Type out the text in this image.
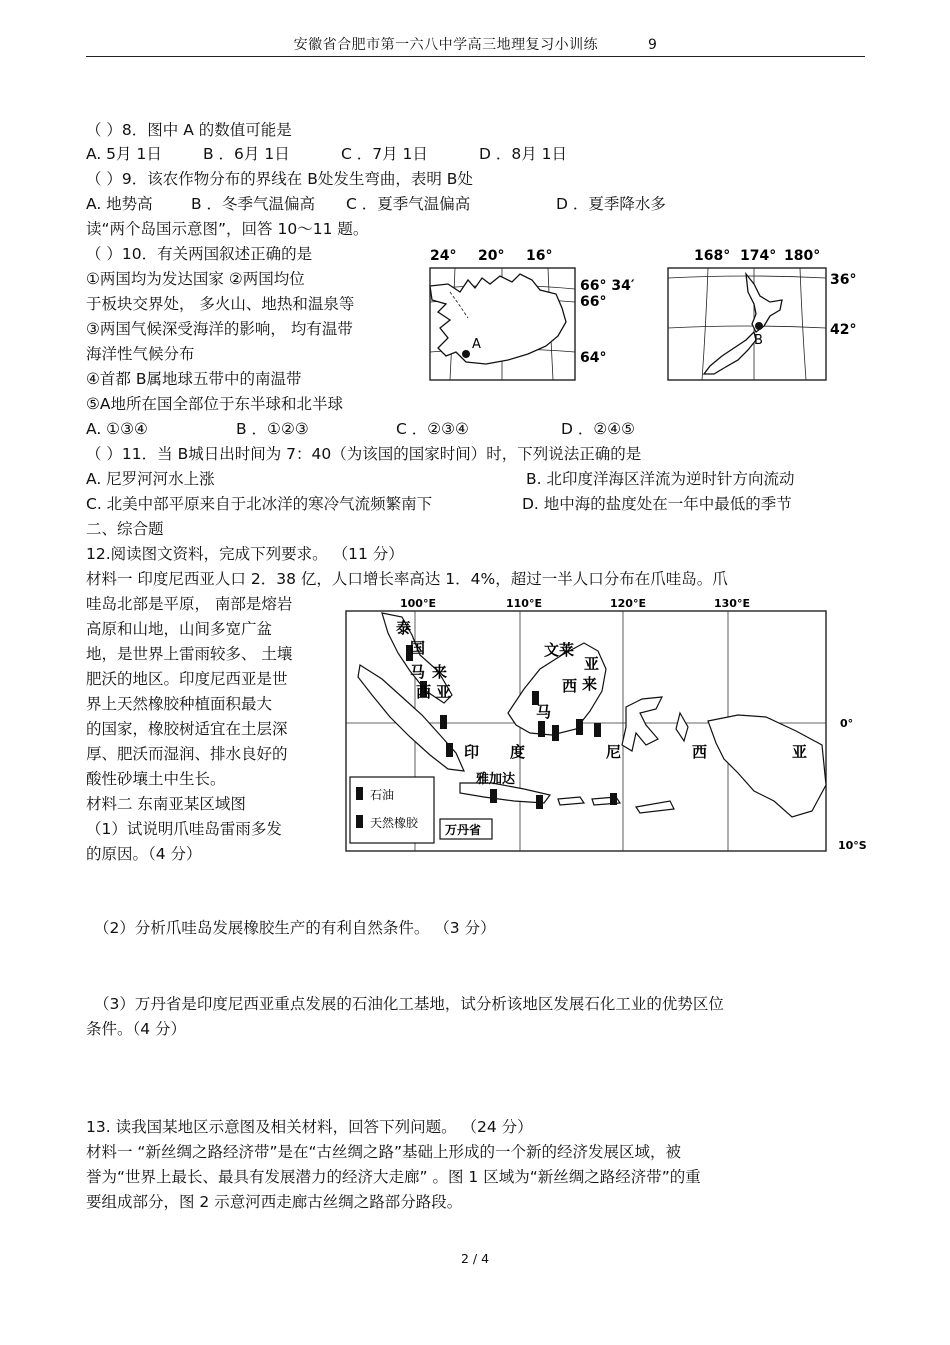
安徽省合肥市第一六八中学高三地理复习小训练	9
（ ）8．图中 A 的数值可能是
A. 5月 1日	B ．6月 1日	C ．7月 1日	D ．8月 1日
（ ）9．该农作物分布的界线在 B处发生弯曲，表明 B处
A. 地势高 B ．冬季气温偏高 C ．夏季气温偏高	D ．夏季降水多
读“两个岛国示意图”，回答 10～11 题。
（ ）10．有关两国叙述正确的是
①两国均为发达国家 ②两国均位
于板块交界处， 多火山、地热和温泉等
③两国气候深受海洋的影响， 均有温带
海洋性气候分布
④首都 B属地球五带中的南温带
⑤A地所在国全部位于东半球和北半球
A. ①③④	B ．①②③	C ．②③④	D ．②④⑤
A
24° 20° 16°
66° 34′
66°
64°
B
168° 174° 180°
36°
42°
（ ）11．当 B城日出时间为 7：40（为该国的国家时间）时，下列说法正确的是
A. 尼罗河河水上涨	B. 北印度洋海区洋流为逆时针方向流动
C. 北美中部平原来自于北冰洋的寒冷气流频繁南下	D. 地中海的盐度处在一年中最低的季节
二、综合题
12.阅读图文资料，完成下列要求。 （11 分）
材料一 印度尼西亚人口 2．38 亿，人口增长率高达 1．4%，超过一半人口分布在爪哇岛。爪
哇岛北部是平原， 南部是熔岩
高原和山地，山间多宽广盆
地，是世界上雷雨较多、 土壤
肥沃的地区。印度尼西亚是世
界上天然橡胶种植面积最大
的国家，橡胶树适宜在土层深
厚、肥沃而湿润、排水良好的
酸性砂壤土中生长。
材料二 东南亚某区域图
（1）试说明爪哇岛雷雨多发
的原因。（4 分）
石油
天然橡胶 万丹省
泰
国
马 来
西 亚
文莱
亚
西 来
马
印 度	尼	西	亚
雅加达
100°E	110°E	120°E	130°E
0°
10°S
（2）分析爪哇岛发展橡胶生产的有利自然条件。 （3 分）
（3）万丹省是印度尼西亚重点发展的石油化工基地，试分析该地区发展石化工业的优势区位
条件。（4 分）
13. 读我国某地区示意图及相关材料，回答下列问题。 （24 分）
材料一 “新丝绸之路经济带”是在“古丝绸之路”基础上形成的一个新的经济发展区域，被
誉为“世界上最长、最具有发展潜力的经济大走廊” 。图 1 区域为“新丝绸之路经济带”的重
要组成部分，图 2 示意河西走廊古丝绸之路部分路段。
2 / 4
